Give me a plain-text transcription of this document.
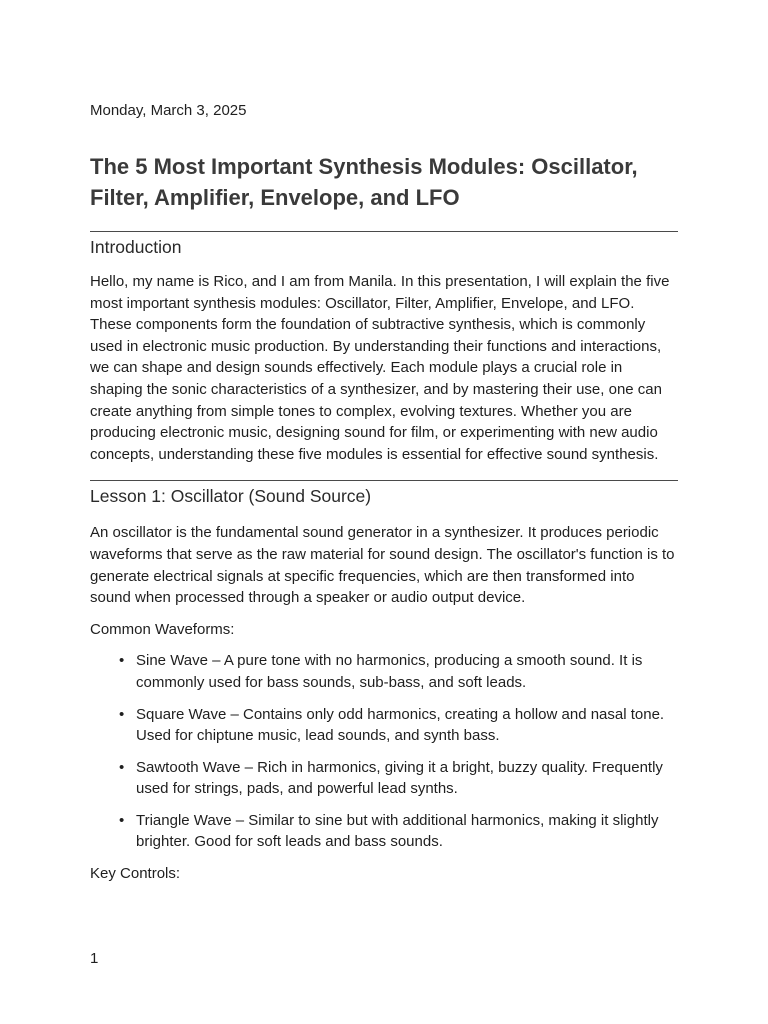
Monday, March 3, 2025

The 5 Most Important Synthesis Modules: Oscillator, Filter, Amplifier, Envelope, and LFO
Introduction

Hello, my name is Rico, and I am from Manila. In this presentation, I will explain the five most important synthesis modules: Oscillator, Filter, Amplifier, Envelope, and LFO. These components form the foundation of subtractive synthesis, which is commonly used in electronic music production. By understanding their functions and interactions, we can shape and design sounds effectively. Each module plays a crucial role in shaping the sonic characteristics of a synthesizer, and by mastering their use, one can create anything from simple tones to complex, evolving textures. Whether you are producing electronic music, designing sound for film, or experimenting with new audio concepts, understanding these five modules is essential for effective sound synthesis.

Lesson 1: Oscillator (Sound Source)

An oscillator is the fundamental sound generator in a synthesizer. It produces periodic waveforms that serve as the raw material for sound design. The oscillator's function is to generate electrical signals at specific frequencies, which are then transformed into sound when processed through a speaker or audio output device.

Common Waveforms:

• Sine Wave – A pure tone with no harmonics, producing a smooth sound. It is commonly used for bass sounds, sub-bass, and soft leads.
• Square Wave – Contains only odd harmonics, creating a hollow and nasal tone. Used for chiptune music, lead sounds, and synth bass.
• Sawtooth Wave – Rich in harmonics, giving it a bright, buzzy quality. Frequently used for strings, pads, and powerful lead synths.
• Triangle Wave – Similar to sine but with additional harmonics, making it slightly brighter. Good for soft leads and bass sounds.

Key Controls:

1
